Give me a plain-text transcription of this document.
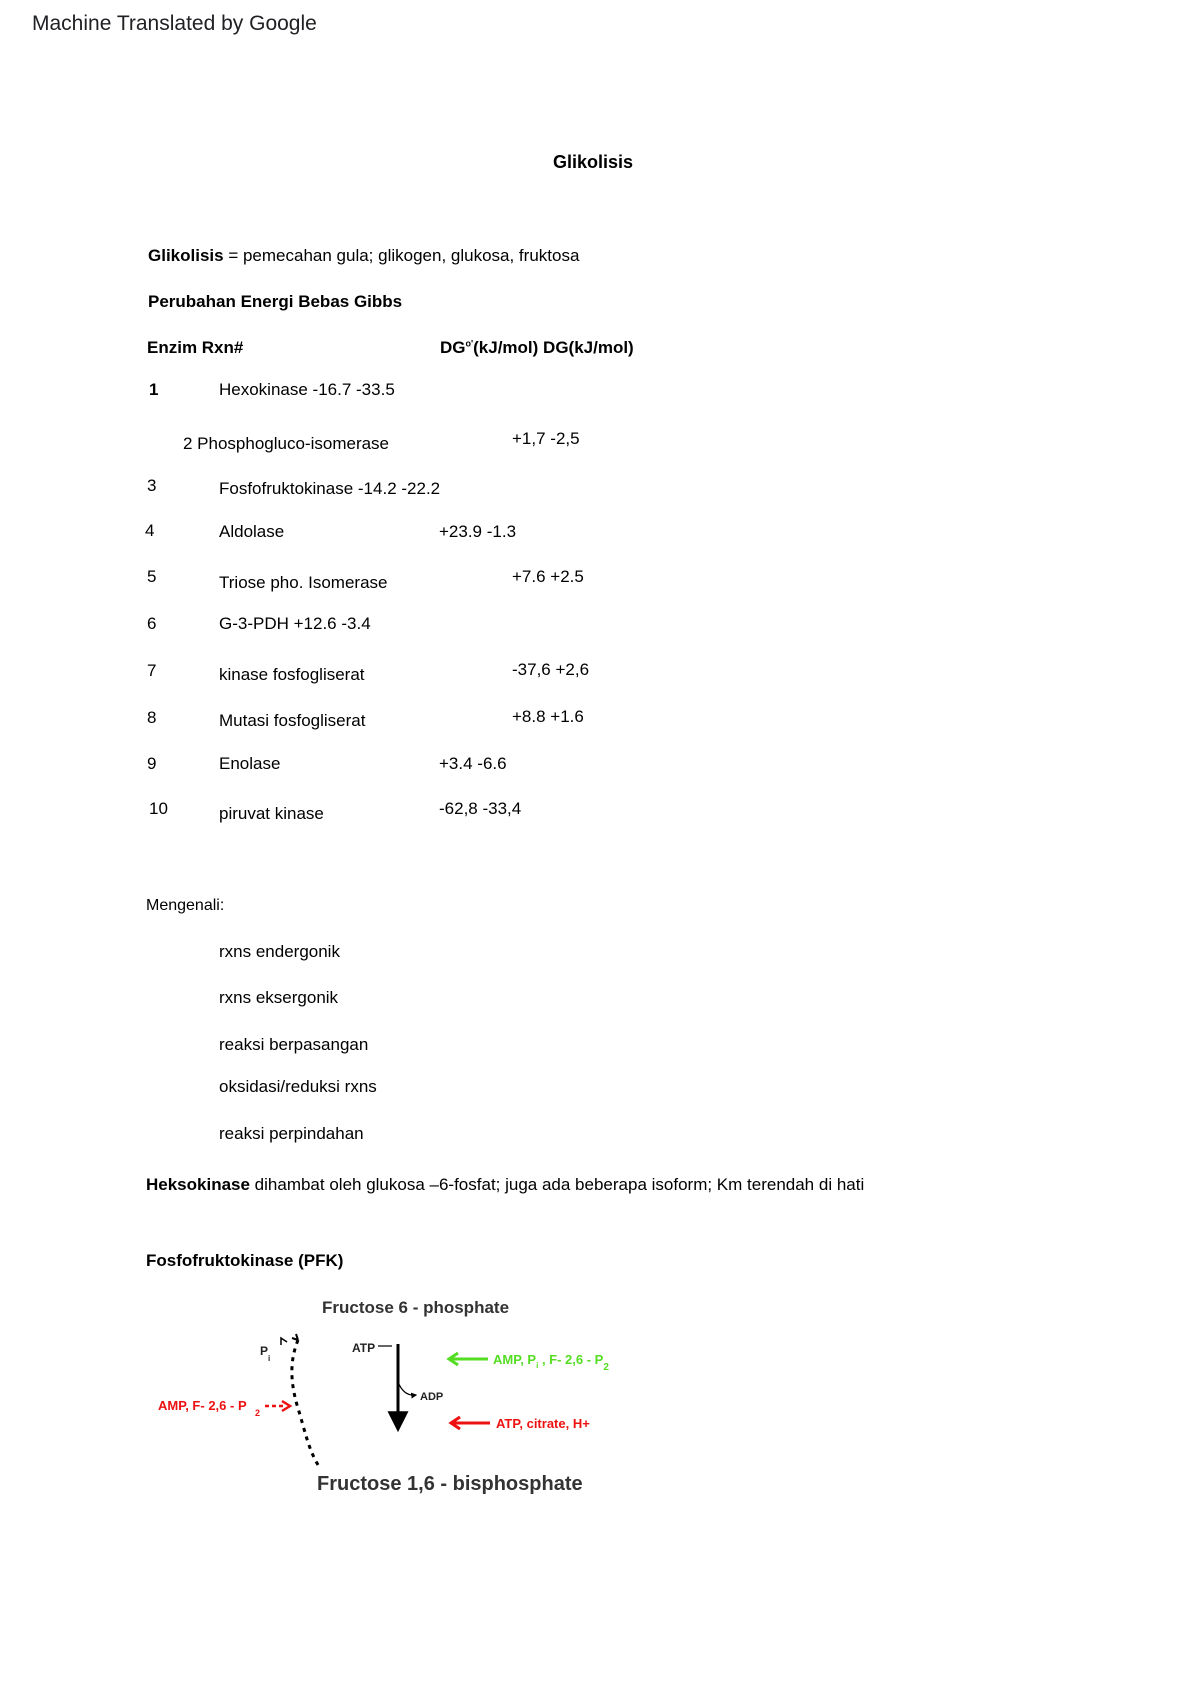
Machine Translated by Google
Glikolisis
Glikolisis = pemecahan gula; glikogen, glukosa, fruktosa
Perubahan Energi Bebas Gibbs
Enzim Rxn#	$DG^{o'}(kJ/mol)$ DG(kJ/mol)
1	Hexokinase -16.7 -33.5
2 Phosphogluco-isomerase	+1,7 -2,5
3	Fosfofruktokinase -14.2 -22.2
4	Aldolase	+23.9 -1.3
5	Triose pho. Isomerase	+7.6 +2.5
6	G-3-PDH +12.6 -3.4
7	kinase fosfogliserat	-37,6 +2,6
8	Mutasi fosfogliserat	+8.8 +1.6
9	Enolase	+3.4 -6.6
10	piruvat kinase	-62,8 -33,4
Mengenali:
rxns endergonik
rxns eksergonik
reaksi berpasangan
oksidasi/reduksi rxns
reaksi perpindahan
Heksokinase dihambat oleh glukosa –6-fosfat; juga ada beberapa isoform; Km terendah di hati
Fosfofruktokinase (PFK)
Fructose 6 - phosphate
P
i
AMP, F- 2,6 - P 2
ATP
ADP
AMP, $P_i$ , F- $2,6 - P_2$
ATP, citrate, H+
Fructose 1,6 - bisphosphate
